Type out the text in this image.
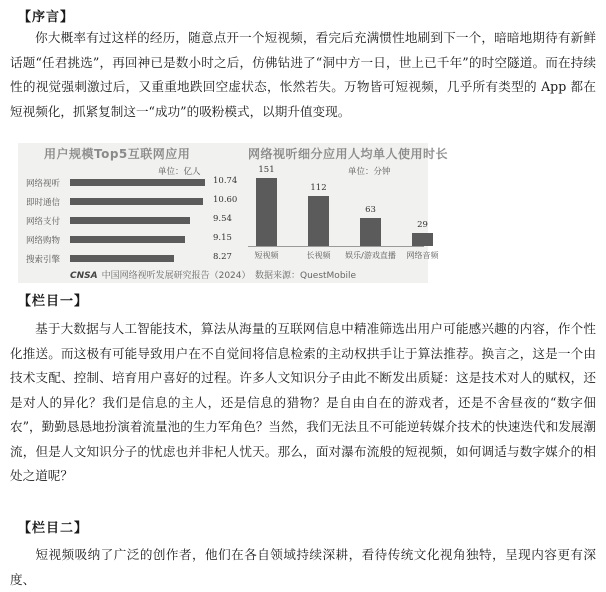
【序言】

你大概率有过这样的经历，随意点开一个短视频，看完后充满惯性地刷到下一个，暗暗地期待有新鲜话题“任君挑选”，再回神已是数小时之后，仿佛钻进了“洞中方一日，世上已千年”的时空隧道。而在持续性的视觉强刺激过后，又重重地跌回空虚状态，怅然若失。万物皆可短视频，几乎所有类型的 App 都在短视频化，抓紧复制这一“成功”的吸粉模式，以期升值变现。

用户规模Top5互联网应用
单位：亿人
网络视听	10.74
即时通信	10.60
网络支付	9.54
网络购物	9.15
搜索引擎	8.27
网络视听细分应用人均单人使用时长
单位：分钟
151
短视频
112
长视频
63
娱乐/游戏直播
29
网络音频
CNSA 中国网络视听发展研究报告（2024）　数据来源：QuestMobile
【栏目一】

基于大数据与人工智能技术，算法从海量的互联网信息中精准筛选出用户可能感兴趣的内容，作个性化推送。而这极有可能导致用户在不自觉间将信息检索的主动权拱手让于算法推荐。换言之，这是一个由技术支配、控制、培育用户喜好的过程。许多人文知识分子由此不断发出质疑：这是技术对人的赋权，还是对人的异化？我们是信息的主人，还是信息的猎物？是自由自在的游戏者，还是不舍昼夜的“数字佃农”，勤勤恳恳地扮演着流量池的生力军角色？当然，我们无法且不可能逆转媒介技术的快速迭代和发展潮流，但是人文知识分子的忧虑也并非杞人忧天。那么，面对瀑布流般的短视频，如何调适与数字媒介的相处之道呢？

【栏目二】

短视频吸纳了广泛的创作者，他们在各自领域持续深耕，看待传统文化视角独特，呈现内容更有深度、
